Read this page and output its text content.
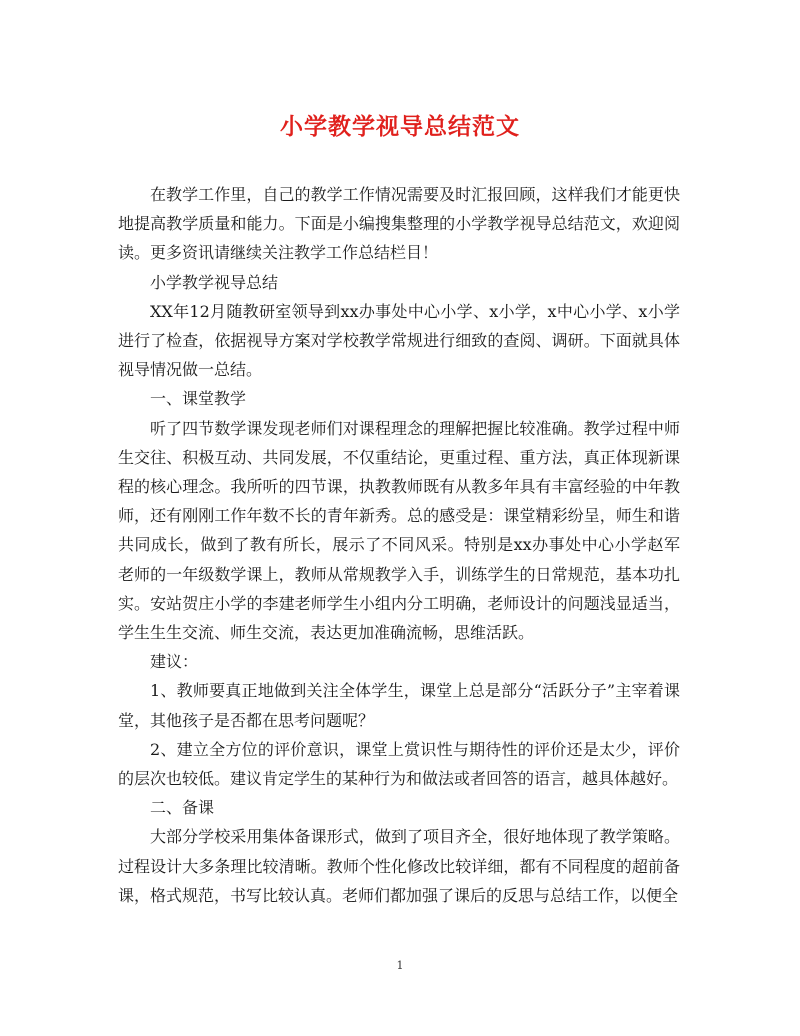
小学教学视导总结范文

在教学工作里，自己的教学工作情况需要及时汇报回顾，这样我们才能更快地提高教学质量和能力。下面是小编搜集整理的小学教学视导总结范文，欢迎阅读。更多资讯请继续关注教学工作总结栏目！

小学教学视导总结

XX年12月随教研室领导到xx办事处中心小学、x小学，x中心小学、x小学进行了检查，依据视导方案对学校教学常规进行细致的查阅、调研。下面就具体视导情况做一总结。

一、课堂教学

听了四节数学课发现老师们对课程理念的理解把握比较准确。教学过程中师生交往、积极互动、共同发展，不仅重结论，更重过程、重方法，真正体现新课程的核心理念。我所听的四节课，执教教师既有从教多年具有丰富经验的中年教师，还有刚刚工作年数不长的青年新秀。总的感受是：课堂精彩纷呈，师生和谐共同成长，做到了教有所长，展示了不同风采。特别是xx办事处中心小学赵军老师的一年级数学课上，教师从常规教学入手，训练学生的日常规范，基本功扎实。安站贺庄小学的李建老师学生小组内分工明确，老师设计的问题浅显适当，学生生生交流、师生交流，表达更加准确流畅，思维活跃。

建议：

1、教师要真正地做到关注全体学生，课堂上总是部分“活跃分子”主宰着课堂，其他孩子是否都在思考问题呢？

2、建立全方位的评价意识，课堂上赏识性与期待性的评价还是太少，评价的层次也较低。建议肯定学生的某种行为和做法或者回答的语言，越具体越好。

二、备课

大部分学校采用集体备课形式，做到了项目齐全，很好地体现了教学策略。过程设计大多条理比较清晰。教师个性化修改比较详细，都有不同程度的超前备课，格式规范，书写比较认真。老师们都加强了课后的反思与总结工作，以便全

1
